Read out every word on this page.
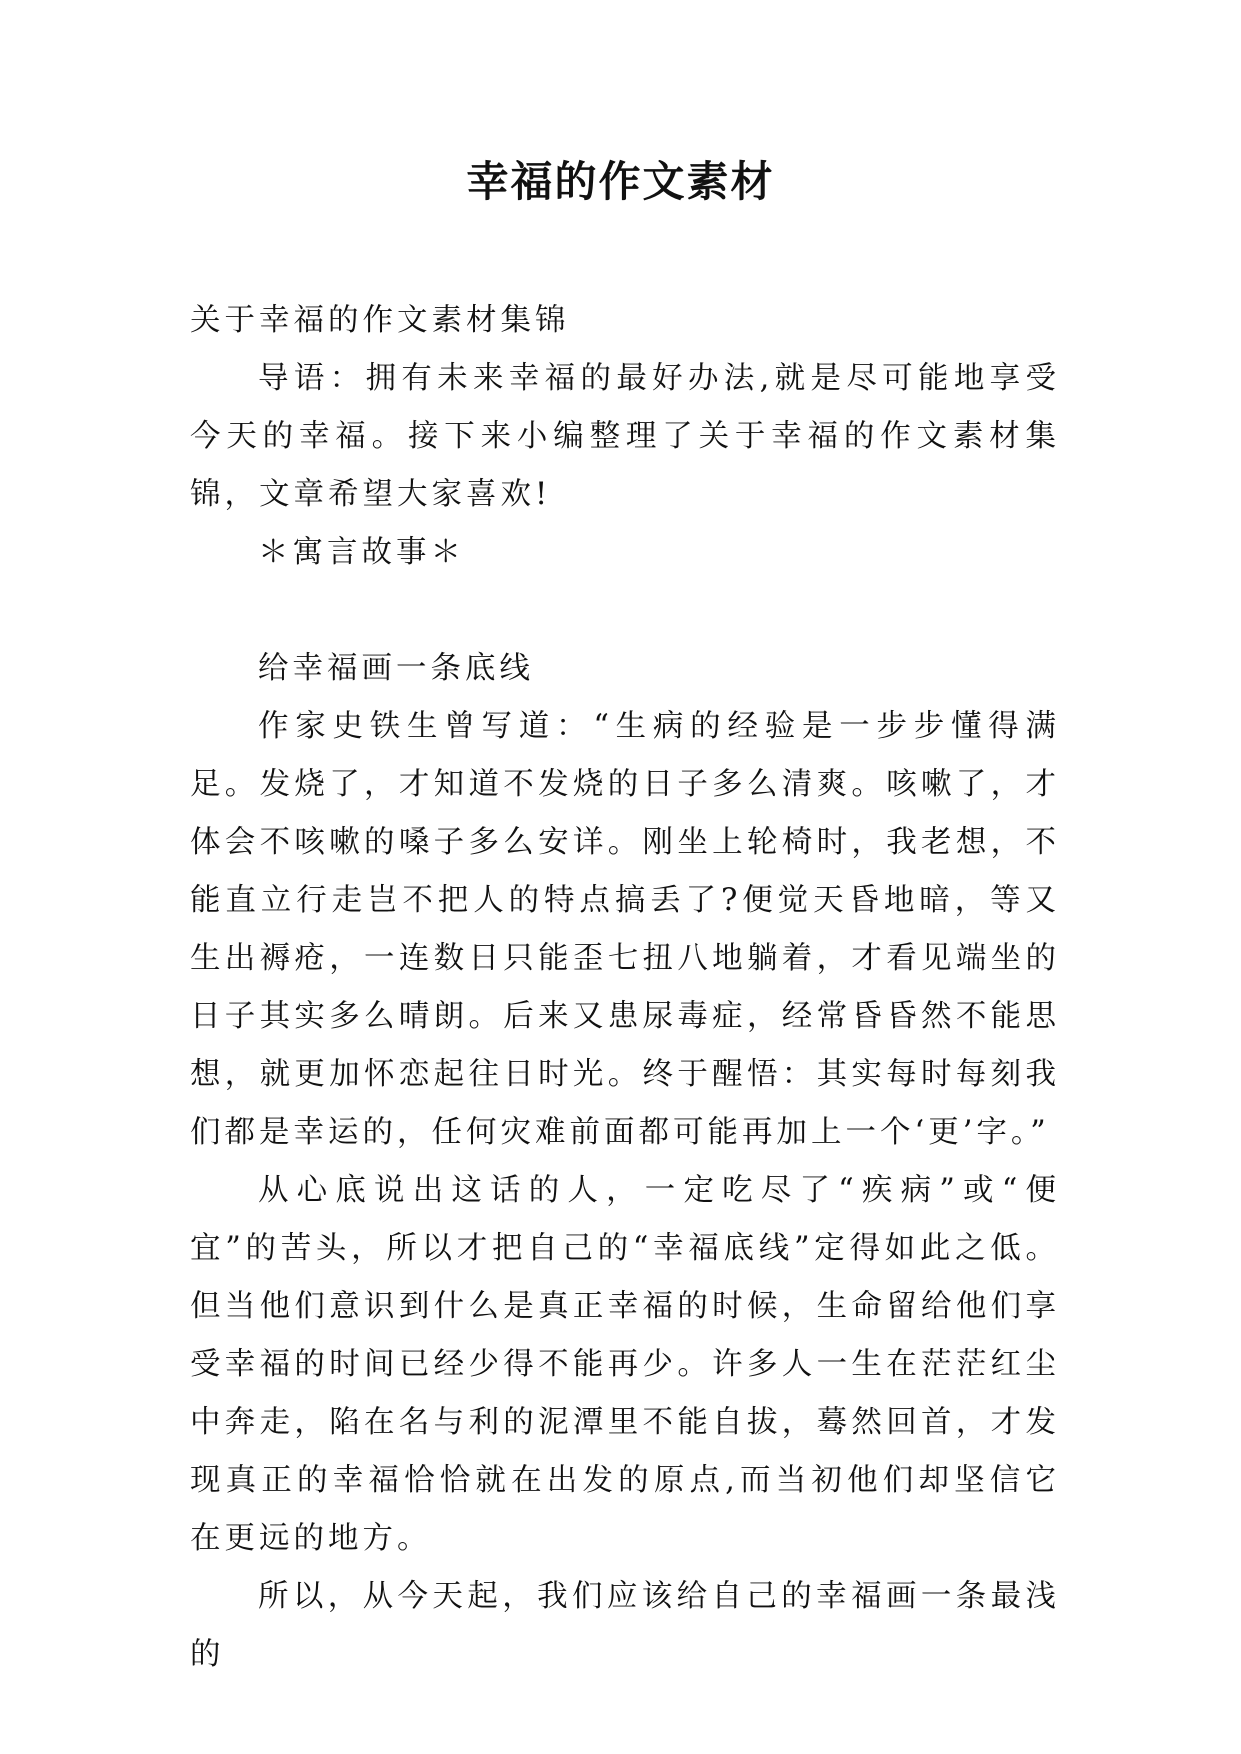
幸福的作文素材

关于幸福的作文素材集锦

导语：拥有未来幸福的最好办法,就是尽可能地享受今天的幸福。接下来小编整理了关于幸福的作文素材集锦，文章希望大家喜欢!

＊寓言故事＊

给幸福画一条底线

作家史铁生曾写道：“生病的经验是一步步懂得满足。发烧了，才知道不发烧的日子多么清爽。咳嗽了，才体会不咳嗽的嗓子多么安详。刚坐上轮椅时，我老想，不能直立行走岂不把人的特点搞丢了?便觉天昏地暗，等又生出褥疮，一连数日只能歪七扭八地躺着，才看见端坐的日子其实多么晴朗。后来又患尿毒症，经常昏昏然不能思想，就更加怀恋起往日时光。终于醒悟：其实每时每刻我们都是幸运的，任何灾难前面都可能再加上一个‘更’字。”

从心底说出这话的人，一定吃尽了“疾病”或“便宜”的苦头，所以才把自己的“幸福底线”定得如此之低。但当他们意识到什么是真正幸福的时候，生命留给他们享受幸福的时间已经少得不能再少。许多人一生在茫茫红尘中奔走，陷在名与利的泥潭里不能自拔，蓦然回首，才发现真正的幸福恰恰就在出发的原点,而当初他们却坚信它在更远的地方。

所以，从今天起，我们应该给自己的幸福画一条最浅的
